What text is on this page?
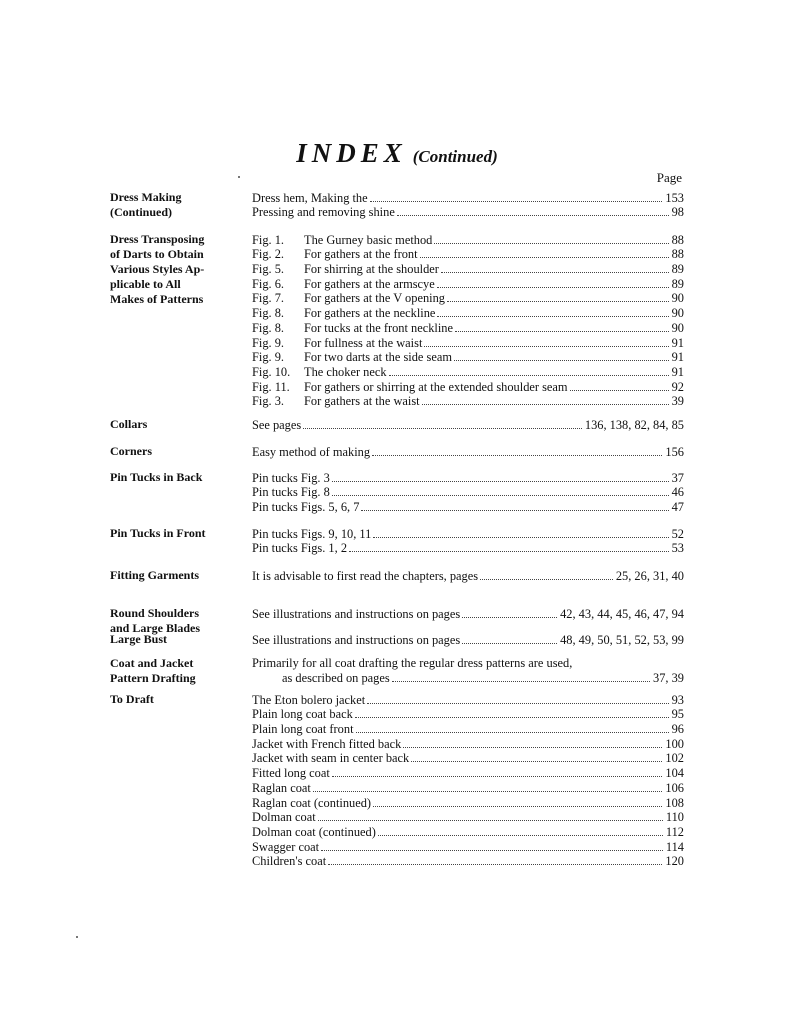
INDEX (Continued)
Page
Dress Making
(Continued)
Dress hem, Making the	153
Pressing and removing shine	98
Dress Transposing
of Darts to Obtain
Various Styles Ap-
plicable to All
Makes of Patterns
Fig. 1.	The Gurney basic method	88
Fig. 2.	For gathers at the front	88
Fig. 5.	For shirring at the shoulder	89
Fig. 6.	For gathers at the armscye	89
Fig. 7.	For gathers at the V opening	90
Fig. 8.	For gathers at the neckline	90
Fig. 8.	For tucks at the front neckline	90
Fig. 9.	For fullness at the waist	91
Fig. 9.	For two darts at the side seam	91
Fig. 10.	The choker neck	91
Fig. 11.	For gathers or shirring at the extended shoulder seam	92
Fig. 3.	For gathers at the waist	39
Collars	See pages	136, 138, 82, 84, 85
Corners	Easy method of making	156
Pin Tucks in Back	Pin tucks Fig. 3	37
Pin tucks Fig. 8	46
Pin tucks Figs. 5, 6, 7	47
Pin Tucks in Front	Pin tucks Figs. 9, 10, 11	52
Pin tucks Figs. 1, 2	53
Fitting Garments	It is advisable to first read the chapters, pages	25, 26, 31, 40
Round Shoulders
and Large Blades
See illustrations and instructions on pages	42, 43, 44, 45, 46, 47, 94
Large Bust	See illustrations and instructions on pages	48, 49, 50, 51, 52, 53, 99
Coat and Jacket
Pattern Drafting
Primarily for all coat drafting the regular dress patterns are used,
as described on pages	37, 39
To Draft	The Eton bolero jacket	93
Plain long coat back	95
Plain long coat front	96
Jacket with French fitted back	100
Jacket with seam in center back	102
Fitted long coat	104
Raglan coat	106
Raglan coat (continued)	108
Dolman coat	110
Dolman coat (continued)	112
Swagger coat	114
Children's coat	120
